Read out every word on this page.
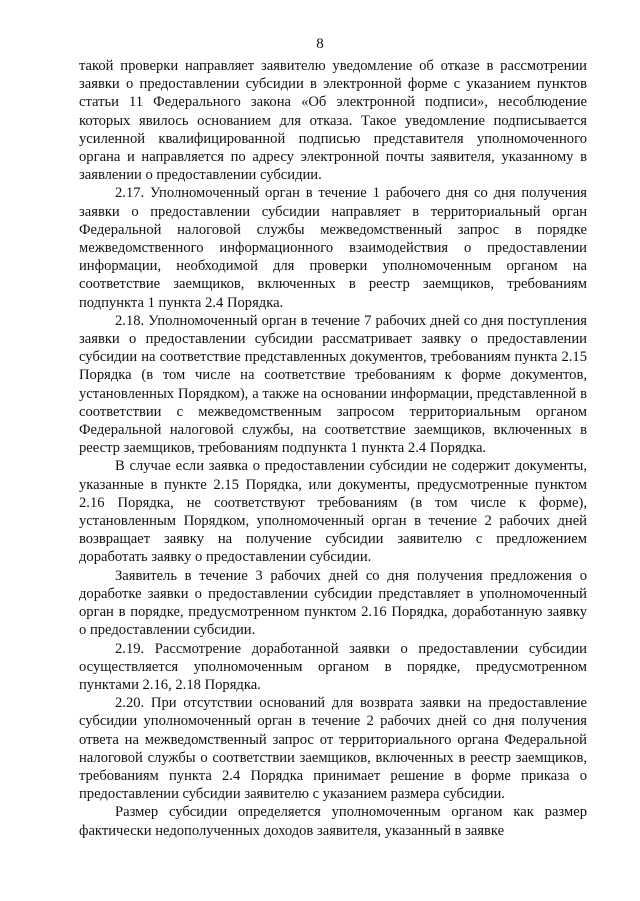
8

такой проверки направляет заявителю уведомление об отказе в рассмотрении заявки о предоставлении субсидии в электронной форме с указанием пунктов статьи 11 Федерального закона «Об электронной подписи», несоблюдение которых явилось основанием для отказа. Такое уведомление подписывается усиленной квалифицированной подписью представителя уполномоченного органа и направляется по адресу электронной почты заявителя, указанному в заявлении о предоставлении субсидии.

2.17. Уполномоченный орган в течение 1 рабочего дня со дня получения заявки о предоставлении субсидии направляет в территориальный орган Федеральной налоговой службы межведомственный запрос в порядке межведомственного информационного взаимодействия о предоставлении информации, необходимой для проверки уполномоченным органом на соответствие заемщиков, включенных в реестр заемщиков, требованиям подпункта 1 пункта 2.4 Порядка.

2.18. Уполномоченный орган в течение 7 рабочих дней со дня поступления заявки о предоставлении субсидии рассматривает заявку о предоставлении субсидии на соответствие представленных документов, требованиям пункта 2.15 Порядка (в том числе на соответствие требованиям к форме документов, установленных Порядком), а также на основании информации, представленной в соответствии с межведомственным запросом территориальным органом Федеральной налоговой службы, на соответствие заемщиков, включенных в реестр заемщиков, требованиям подпункта 1 пункта 2.4 Порядка.

В случае если заявка о предоставлении субсидии не содержит документы, указанные в пункте 2.15 Порядка, или документы, предусмотренные пунктом 2.16 Порядка, не соответствуют требованиям (в том числе к форме), установленным Порядком, уполномоченный орган в течение 2 рабочих дней возвращает заявку на получение субсидии заявителю с предложением доработать заявку о предоставлении субсидии.

Заявитель в течение 3 рабочих дней со дня получения предложения о доработке заявки о предоставлении субсидии представляет в уполномоченный орган в порядке, предусмотренном пунктом 2.16 Порядка, доработанную заявку о предоставлении субсидии.

2.19. Рассмотрение доработанной заявки о предоставлении субсидии осуществляется уполномоченным органом в порядке, предусмотренном пунктами 2.16, 2.18 Порядка.

2.20. При отсутствии оснований для возврата заявки на предоставление субсидии уполномоченный орган в течение 2 рабочих дней со дня получения ответа на межведомственный запрос от территориального органа Федеральной налоговой службы о соответствии заемщиков, включенных в реестр заемщиков, требованиям пункта 2.4 Порядка принимает решение в форме приказа о предоставлении субсидии заявителю с указанием размера субсидии.

Размер субсидии определяется уполномоченным органом как размер фактически недополученных доходов заявителя, указанный в заявке
